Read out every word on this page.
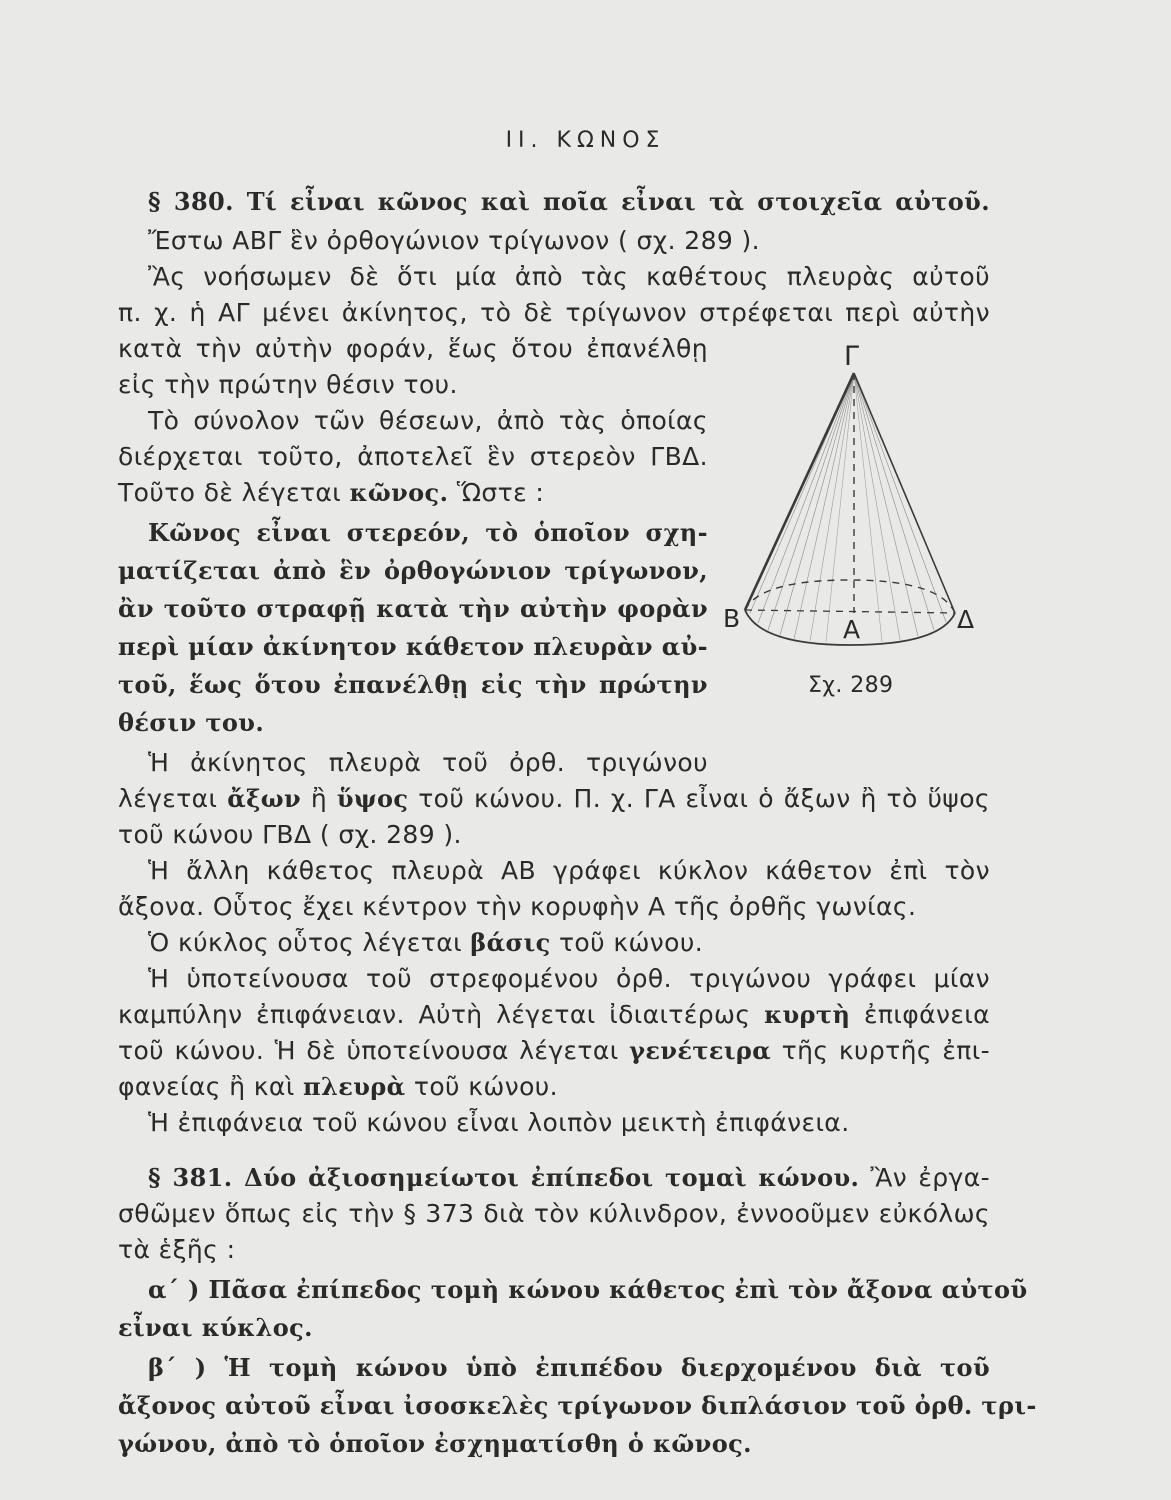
ΙΙ. ΚΩΝΟΣ
§ 380. Τί εἶναι κῶνος καὶ ποῖα εἶναι τὰ στοιχεῖα αὐτοῦ.
Ἔστω ΑΒΓ ἓν ὀρθογώνιον τρίγωνον ( σχ. 289 ).
Ἂς νοήσωμεν δὲ ὅτι μία ἀπὸ τὰς καθέτους πλευρὰς αὐτοῦ
π. χ. ἡ ΑΓ μένει ἀκίνητος, τὸ δὲ τρίγωνον στρέφεται περὶ αὐτὴν
κατὰ τὴν αὐτὴν φοράν, ἕως ὅτου ἐπανέλθῃ
εἰς τὴν πρώτην θέσιν του.
Τὸ σύνολον τῶν θέσεων, ἀπὸ τὰς ὁποίας
διέρχεται τοῦτο, ἀποτελεῖ ἓν στερεὸν ΓΒΔ.
Τοῦτο δὲ λέγεται κῶνος. Ὥστε :
Κῶνος εἶναι στερεόν, τὸ ὁποῖον σχη-
ματίζεται ἀπὸ ἓν ὀρθογώνιον τρίγωνον,
ἂν τοῦτο στραφῇ κατὰ τὴν αὐτὴν φορὰν
περὶ μίαν ἀκίνητον κάθετον πλευρὰν αὐ-
τοῦ, ἕως ὅτου ἐπανέλθῃ εἰς τὴν πρώτην
θέσιν του.
Ἡ ἀκίνητος πλευρὰ τοῦ ὀρθ. τριγώνου
λέγεται ἄξων ἢ ὕψος τοῦ κώνου. Π. χ. ΓΑ εἶναι ὁ ἄξων ἢ τὸ ὕψος
τοῦ κώνου ΓΒΔ ( σχ. 289 ).
Ἡ ἄλλη κάθετος πλευρὰ ΑΒ γράφει κύκλον κάθετον ἐπὶ τὸν
ἄξονα. Οὗτος ἔχει κέντρον τὴν κορυφὴν Α τῆς ὀρθῆς γωνίας.
Ὁ κύκλος οὗτος λέγεται βάσις τοῦ κώνου.
Ἡ ὑποτείνουσα τοῦ στρεφομένου ὀρθ. τριγώνου γράφει μίαν
καμπύλην ἐπιφάνειαν. Αὐτὴ λέγεται ἰδιαιτέρως κυρτὴ ἐπιφάνεια
τοῦ κώνου. Ἡ δὲ ὑποτείνουσα λέγεται γενέτειρα τῆς κυρτῆς ἐπι-
φανείας ἢ καὶ πλευρὰ τοῦ κώνου.
Ἡ ἐπιφάνεια τοῦ κώνου εἶναι λοιπὸν μεικτὴ ἐπιφάνεια.
§ 381. Δύο ἀξιοσημείωτοι ἐπίπεδοι τομαὶ κώνου. Ἂν ἐργα-
σθῶμεν ὅπως εἰς τὴν § 373 διὰ τὸν κύλινδρον, ἐννοοῦμεν εὐκόλως
τὰ ἑξῆς :
α΄ ) Πᾶσα ἐπίπεδος τομὴ κώνου κάθετος ἐπὶ τὸν ἄξονα αὐτοῦ
εἶναι κύκλος.
β΄ ) Ἡ τομὴ κώνου ὑπὸ ἐπιπέδου διερχομένου διὰ τοῦ
ἄξονος αὐτοῦ εἶναι ἰσοσκελὲς τρίγωνον διπλάσιον τοῦ ὀρθ. τρι-
γώνου, ἀπὸ τὸ ὁποῖον ἐσχηματίσθη ὁ κῶνος.
Γ
Β	Δ
Α
Σχ. 289
